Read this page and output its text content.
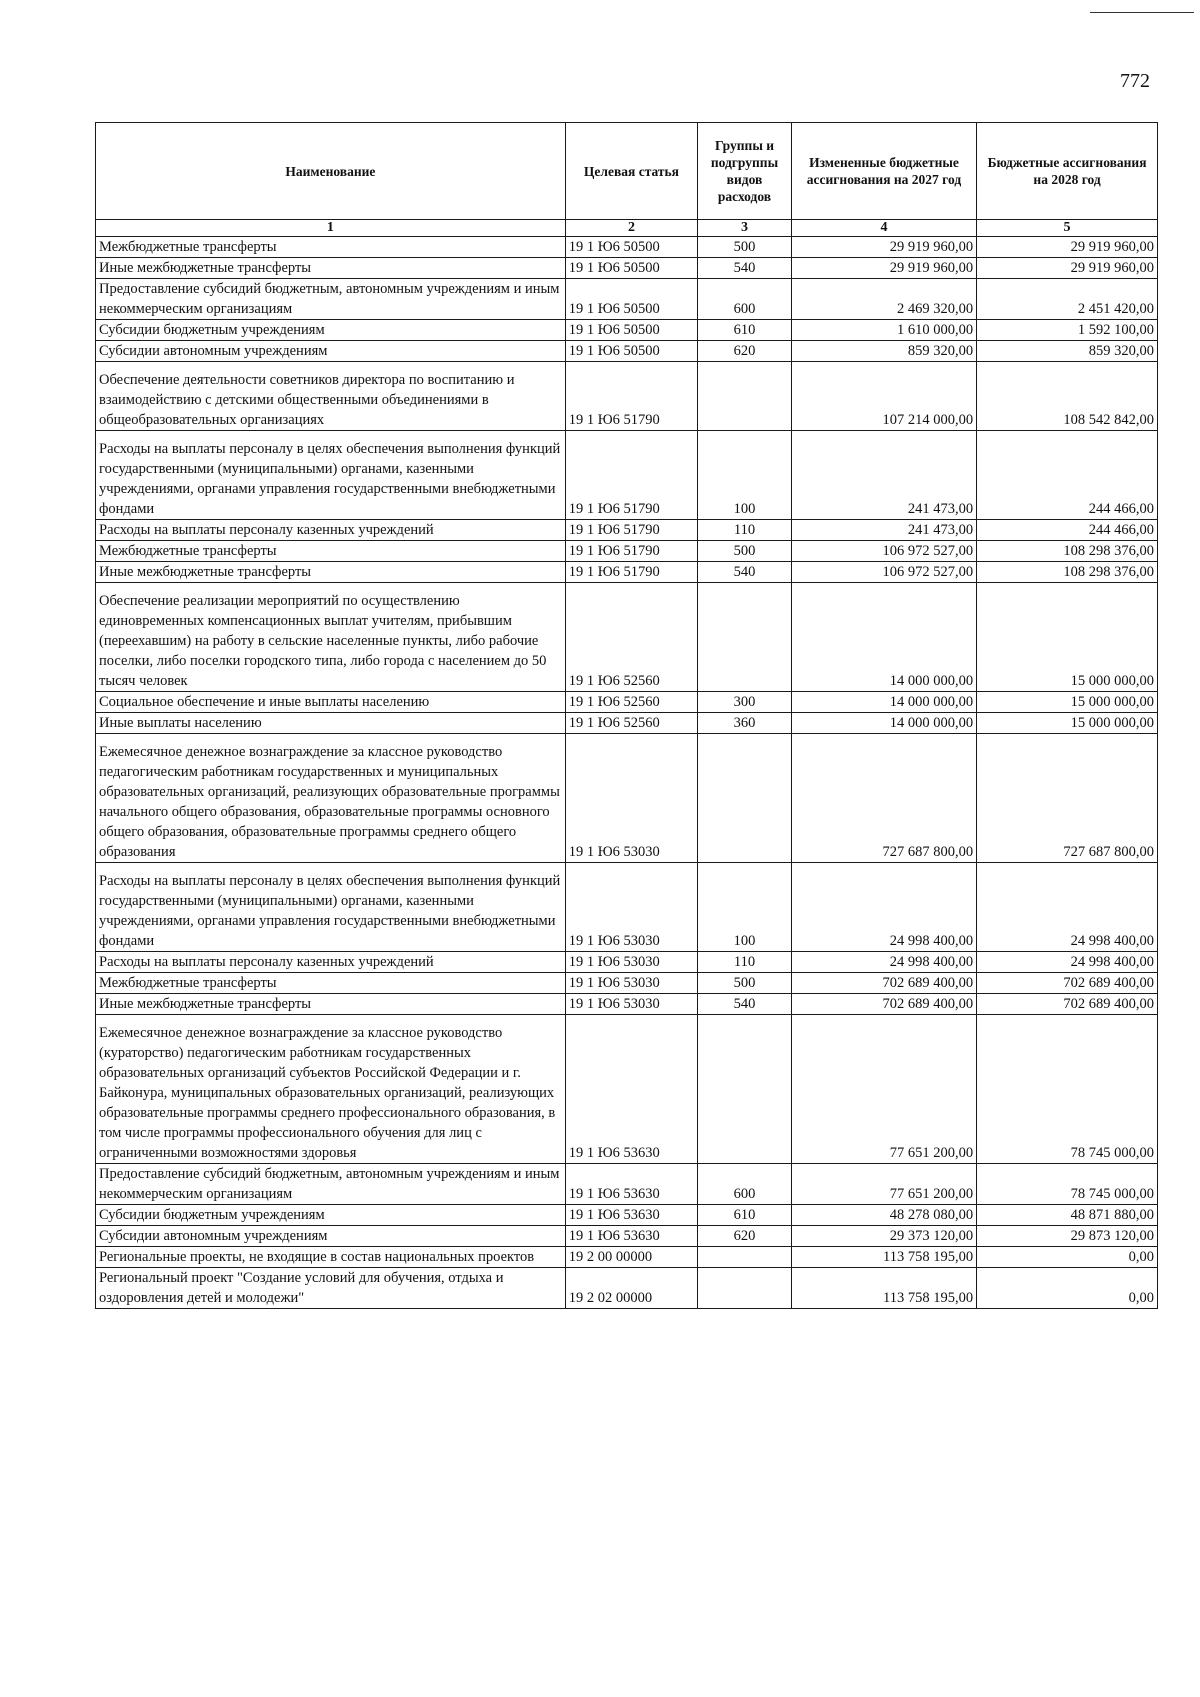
772
Наименование	Целевая статья	Группы и подгруппы видов расходов	Измененные бюджетные ассигнования на 2027 год	Бюджетные ассигнования на 2028 год
1	2	3	4	5
Межбюджетные трансферты	19 1 Ю6 50500	500	29 919 960,00	29 919 960,00
Иные межбюджетные трансферты	19 1 Ю6 50500	540	29 919 960,00	29 919 960,00
Предоставление субсидий бюджетным, автономным учреждениям и иным некоммерческим организациям	19 1 Ю6 50500	600	2 469 320,00	2 451 420,00
Субсидии бюджетным учреждениям	19 1 Ю6 50500	610	1 610 000,00	1 592 100,00
Субсидии автономным учреждениям	19 1 Ю6 50500	620	859 320,00	859 320,00
Обеспечение деятельности советников директора по воспитанию и взаимодействию с детскими общественными объединениями в общеобразовательных организациях	19 1 Ю6 51790		107 214 000,00	108 542 842,00
Расходы на выплаты персоналу в целях обеспечения выполнения функций государственными (муниципальными) органами, казенными учреждениями, органами управления государственными внебюджетными фондами	19 1 Ю6 51790	100	241 473,00	244 466,00
Расходы на выплаты персоналу казенных учреждений	19 1 Ю6 51790	110	241 473,00	244 466,00
Межбюджетные трансферты	19 1 Ю6 51790	500	106 972 527,00	108 298 376,00
Иные межбюджетные трансферты	19 1 Ю6 51790	540	106 972 527,00	108 298 376,00
Обеспечение реализации мероприятий по осуществлению единовременных компенсационных выплат учителям, прибывшим (переехавшим) на работу в сельские населенные пункты, либо рабочие поселки, либо поселки городского типа, либо города с населением до 50 тысяч человек	19 1 Ю6 52560		14 000 000,00	15 000 000,00
Социальное обеспечение и иные выплаты населению	19 1 Ю6 52560	300	14 000 000,00	15 000 000,00
Иные выплаты населению	19 1 Ю6 52560	360	14 000 000,00	15 000 000,00
Ежемесячное денежное вознаграждение за классное руководство педагогическим работникам государственных и муниципальных образовательных организаций, реализующих образовательные программы начального общего образования, образовательные программы основного общего образования, образовательные программы среднего общего образования	19 1 Ю6 53030		727 687 800,00	727 687 800,00
Расходы на выплаты персоналу в целях обеспечения выполнения функций государственными (муниципальными) органами, казенными учреждениями, органами управления государственными внебюджетными фондами	19 1 Ю6 53030	100	24 998 400,00	24 998 400,00
Расходы на выплаты персоналу казенных учреждений	19 1 Ю6 53030	110	24 998 400,00	24 998 400,00
Межбюджетные трансферты	19 1 Ю6 53030	500	702 689 400,00	702 689 400,00
Иные межбюджетные трансферты	19 1 Ю6 53030	540	702 689 400,00	702 689 400,00
Ежемесячное денежное вознаграждение за классное руководство (кураторство) педагогическим работникам государственных образовательных организаций субъектов Российской Федерации и г. Байконура, муниципальных образовательных организаций, реализующих образовательные программы среднего профессионального образования, в том числе программы профессионального обучения для лиц с ограниченными возможностями здоровья	19 1 Ю6 53630		77 651 200,00	78 745 000,00
Предоставление субсидий бюджетным, автономным учреждениям и иным некоммерческим организациям	19 1 Ю6 53630	600	77 651 200,00	78 745 000,00
Субсидии бюджетным учреждениям	19 1 Ю6 53630	610	48 278 080,00	48 871 880,00
Субсидии автономным учреждениям	19 1 Ю6 53630	620	29 373 120,00	29 873 120,00
Региональные проекты, не входящие в состав национальных проектов	19 2 00 00000		113 758 195,00	0,00
Региональный проект "Создание условий для обучения, отдыха и оздоровления детей и молодежи"	19 2 02 00000		113 758 195,00	0,00
